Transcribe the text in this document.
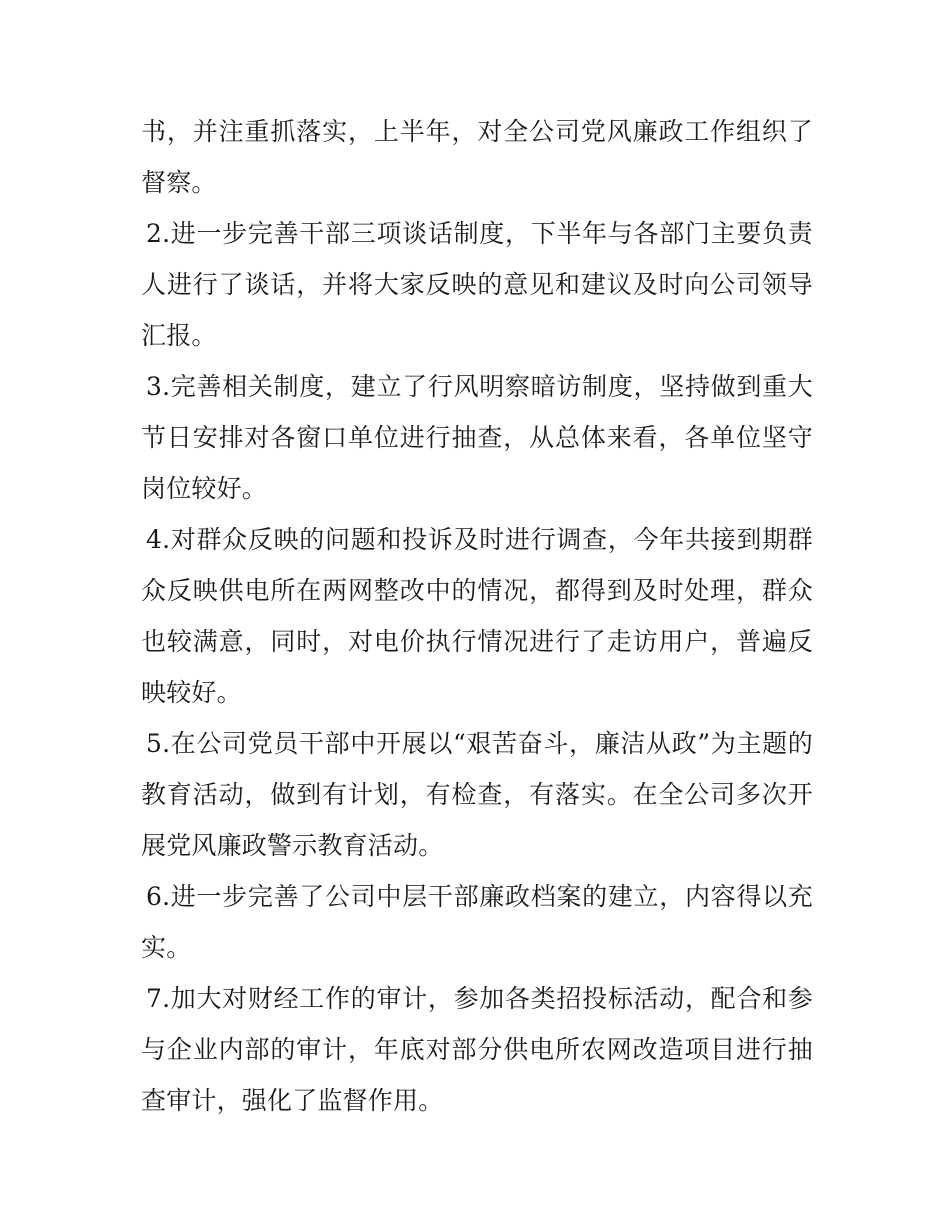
书，并注重抓落实，上半年，对全公司党风廉政工作组织了督察。

2.进一步完善干部三项谈话制度，下半年与各部门主要负责人进行了谈话，并将大家反映的意见和建议及时向公司领导汇报。

3.完善相关制度，建立了行风明察暗访制度，坚持做到重大节日安排对各窗口单位进行抽查，从总体来看，各单位坚守岗位较好。

4.对群众反映的问题和投诉及时进行调查，今年共接到期群众反映供电所在两网整改中的情况，都得到及时处理，群众也较满意，同时，对电价执行情况进行了走访用户，普遍反映较好。

5.在公司党员干部中开展以“艰苦奋斗，廉洁从政”为主题的教育活动，做到有计划，有检查，有落实。在全公司多次开展党风廉政警示教育活动。

6.进一步完善了公司中层干部廉政档案的建立，内容得以充实。

7.加大对财经工作的审计，参加各类招投标活动，配合和参与企业内部的审计，年底对部分供电所农网改造项目进行抽查审计，强化了监督作用。
